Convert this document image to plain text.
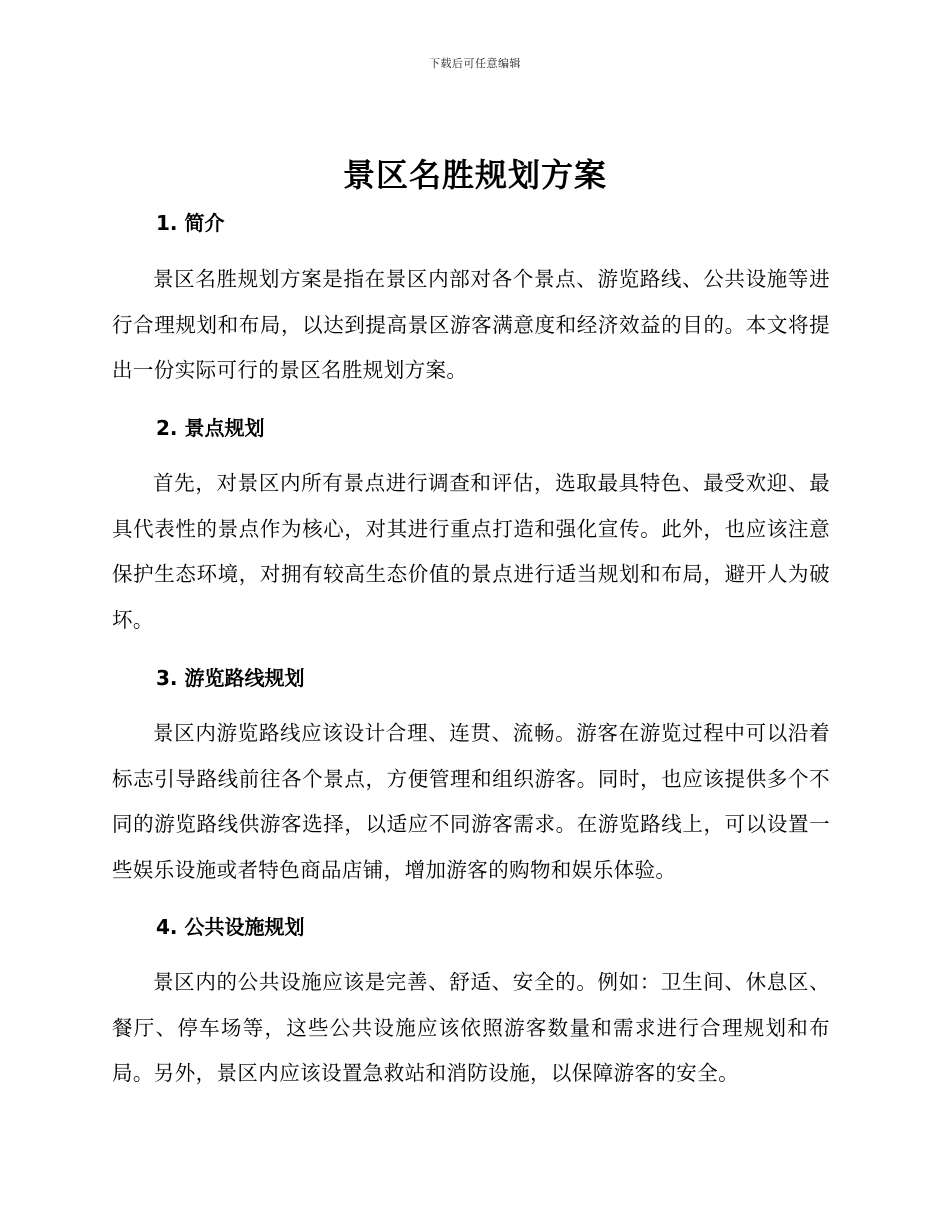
下载后可任意编辑
景区名胜规划方案
1. 简介

景区名胜规划方案是指在景区内部对各个景点、游览路线、公共设施等进行合理规划和布局，以达到提高景区游客满意度和经济效益的目的。本文将提出一份实际可行的景区名胜规划方案。

2. 景点规划

首先，对景区内所有景点进行调查和评估，选取最具特色、最受欢迎、最具代表性的景点作为核心，对其进行重点打造和强化宣传。此外，也应该注意保护生态环境，对拥有较高生态价值的景点进行适当规划和布局，避开人为破坏。

3. 游览路线规划

景区内游览路线应该设计合理、连贯、流畅。游客在游览过程中可以沿着标志引导路线前往各个景点，方便管理和组织游客。同时，也应该提供多个不同的游览路线供游客选择，以适应不同游客需求。在游览路线上，可以设置一些娱乐设施或者特色商品店铺，增加游客的购物和娱乐体验。

4. 公共设施规划

景区内的公共设施应该是完善、舒适、安全的。例如：卫生间、休息区、餐厅、停车场等，这些公共设施应该依照游客数量和需求进行合理规划和布局。另外，景区内应该设置急救站和消防设施，以保障游客的安全。
